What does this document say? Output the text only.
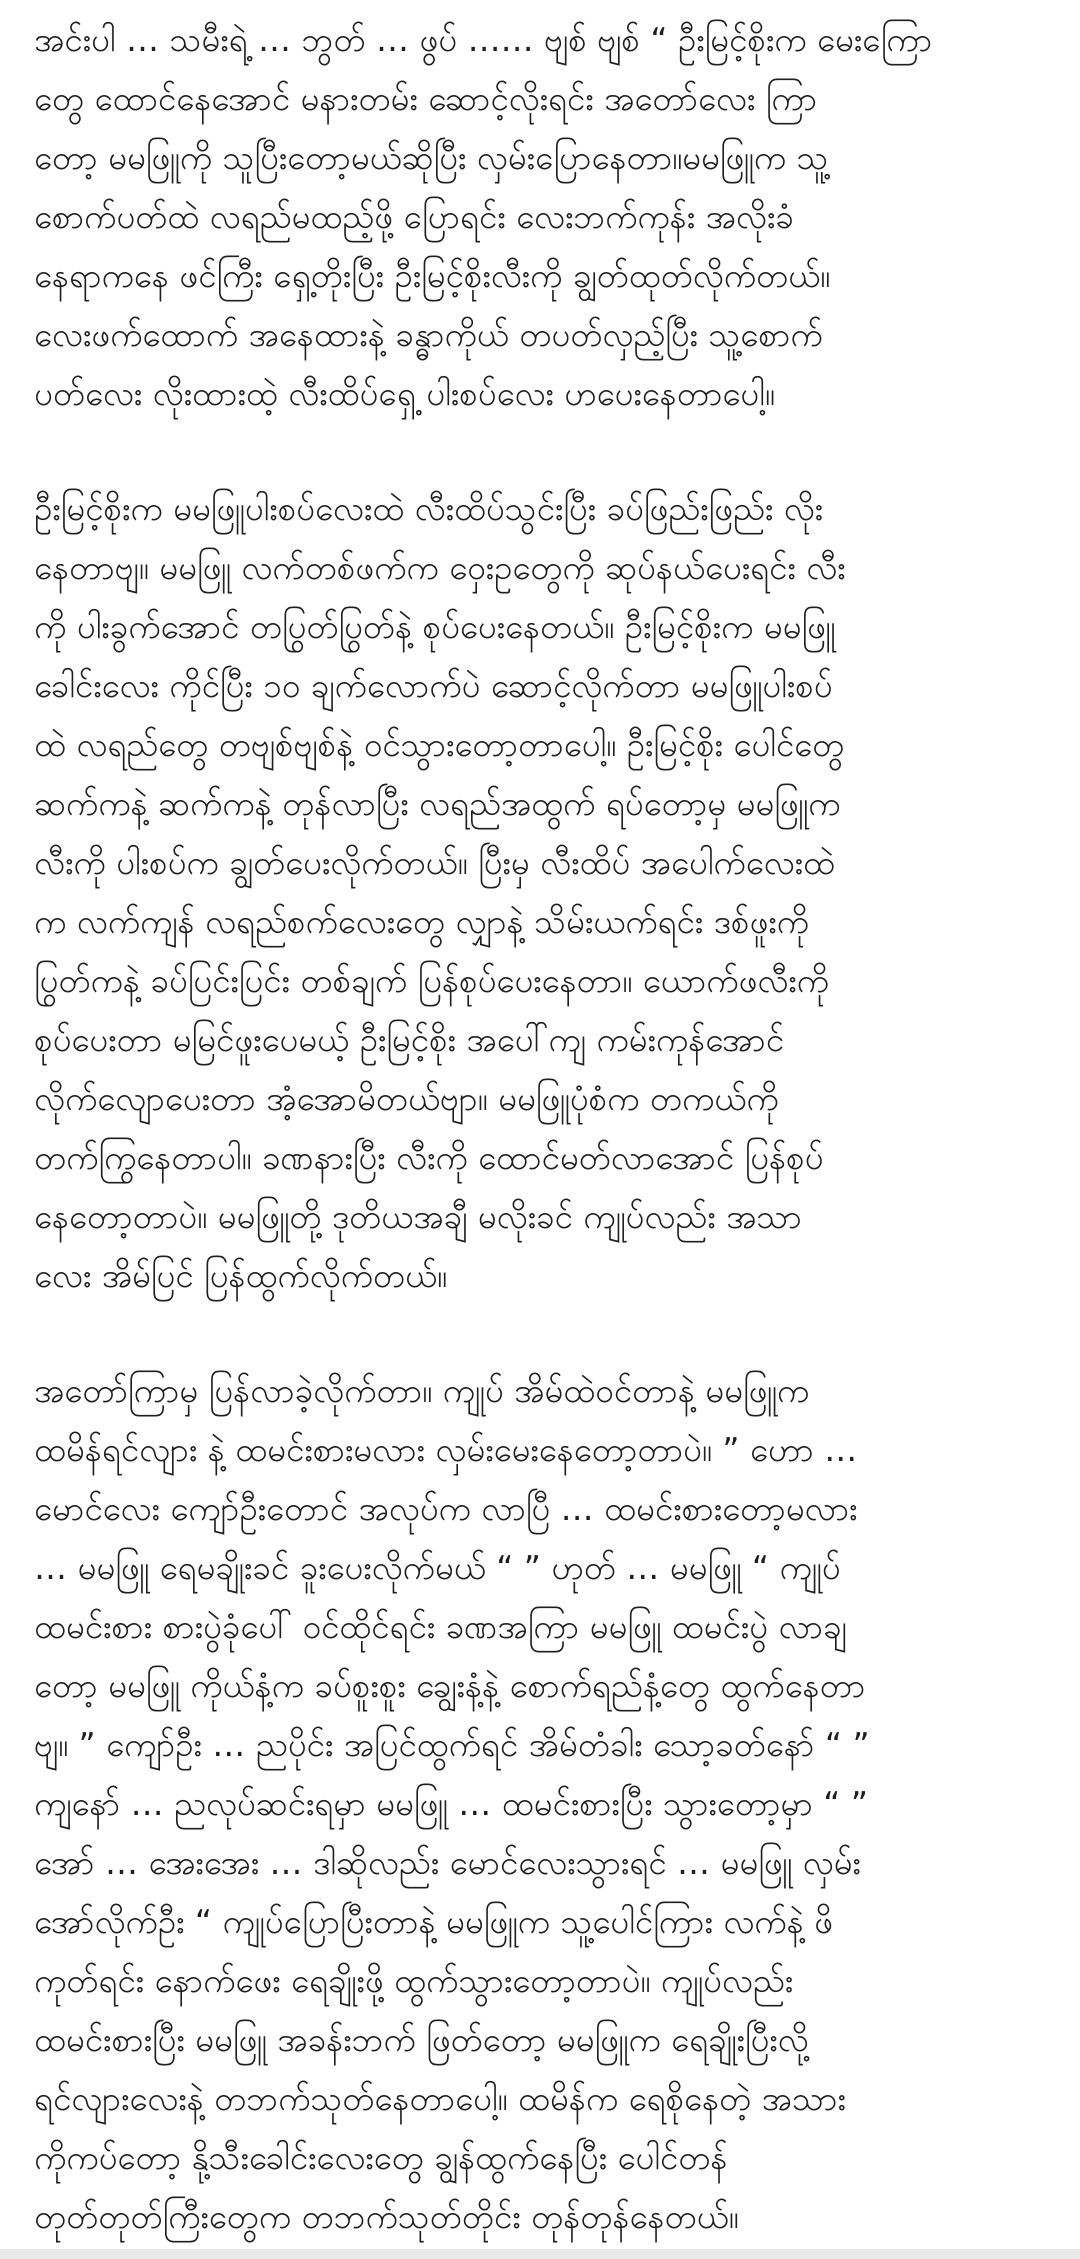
အင်းပါ … သမီးရဲ့ … ဘွတ် … ဖွပ် …… ဗျစ် ဗျစ် “ ဦးမြင့်စိုးက မေးကြော
တွေ ထောင်နေအောင် မနားတမ်း ဆောင့်လိုးရင်း အတော်လေး ကြာ
တော့ မမဖြူကို သူပြီးတော့မယ်ဆိုပြီး လှမ်းပြောနေတာ။မမဖြူက သူ့
စောက်ပတ်ထဲ လရည်မထည့်ဖို့ ပြောရင်း လေးဘက်ကုန်း အလိုးခံ
နေရာကနေ ဖင်ကြီး ရှေ့တိုးပြီး ဦးမြင့်စိုးလီးကို ချွတ်ထုတ်လိုက်တယ်။
လေးဖက်ထောက် အနေထားနဲ့ ခန္ဓာကိုယ် တပတ်လှည့်ပြီး သူ့စောက်
ပတ်လေး လိုးထားထဲ့ လီးထိပ်ရှေ့ ပါးစပ်လေး ဟပေးနေတာပေါ့။
ဦးမြင့်စိုးက မမဖြူပါးစပ်လေးထဲ လီးထိပ်သွင်းပြီး ခပ်ဖြည်းဖြည်း လိုး
နေတာဗျ။ မမဖြူ လက်တစ်ဖက်က ဝှေးဥတွေကို ဆုပ်နယ်ပေးရင်း လီး
ကို ပါးခွက်အောင် တပြွတ်ပြွတ်နဲ့ စုပ်ပေးနေတယ်။ ဦးမြင့်စိုးက မမဖြူ
ခေါင်းလေး ကိုင်ပြီး ၁၀ ချက်လောက်ပဲ ဆောင့်လိုက်တာ မမဖြူပါးစပ်
ထဲ လရည်တွေ တဗျစ်ဗျစ်နဲ့ ဝင်သွားတော့တာပေါ့။ ဦးမြင့်စိုး ပေါင်တွေ
ဆက်ကနဲ့ ဆက်ကနဲ့ တုန်လာပြီး လရည်အထွက် ရပ်တော့မှ မမဖြူက
လီးကို ပါးစပ်က ချွတ်ပေးလိုက်တယ်။ ပြီးမှ လီးထိပ် အပေါက်လေးထဲ
က လက်ကျန် လရည်စက်လေးတွေ လျှာနဲ့ သိမ်းယက်ရင်း ဒစ်ဖူးကို
ပြွတ်ကနဲ့ ခပ်ပြင်းပြင်း တစ်ချက် ပြန်စုပ်ပေးနေတာ။ ယောက်ဖလီးကို
စုပ်ပေးတာ မမြင်ဖူးပေမယ့် ဦးမြင့်စိုး အပေါ်ကျ ကမ်းကုန်အောင်
လိုက်လျောပေးတာ အံ့အောမိတယ်ဗျာ။ မမဖြူပုံစံက တကယ်ကို
တက်ကြွနေတာပါ။ ခဏနားပြီး လီးကို ထောင်မတ်လာအောင် ပြန်စုပ်
နေတော့တာပဲ။ မမဖြူတို့ ဒုတိယအချီ မလိုးခင် ကျုပ်လည်း အသာ
လေး အိမ်ပြင် ပြန်ထွက်လိုက်တယ်။
အတော်ကြာမှ ပြန်လာခဲ့လိုက်တာ။ ကျုပ် အိမ်ထဲဝင်တာနဲ့ မမဖြူက
ထမိန်ရင်လျား နဲ့ ထမင်းစားမလား လှမ်းမေးနေတော့တာပဲ။ ” ဟော …
မောင်လေး ကျော်ဦးတောင် အလုပ်က လာပြီ … ထမင်းစားတော့မလား
… မမဖြူ ရေမချိုးခင် ခူးပေးလိုက်မယ် “ ” ဟုတ် … မမဖြူ “ ကျုပ်
ထမင်းစား စားပွဲခုံပေါ် ဝင်ထိုင်ရင်း ခဏအကြာ မမဖြူ ထမင်းပွဲ လာချ
တော့ မမဖြူ ကိုယ်နံ့က ခပ်စူးစူး ချွေးနံ့နဲ့ စောက်ရည်နံ့တွေ ထွက်နေတာ
ဗျ။ ” ကျော်ဦး … ညပိုင်း အပြင်ထွက်ရင် အိမ်တံခါး သော့ခတ်နော် “ ”
ကျနော် … ညလုပ်ဆင်းရမှာ မမဖြူ … ထမင်းစားပြီး သွားတော့မှာ “ ”
အော် … အေးအေး … ဒါဆိုလည်း မောင်လေးသွားရင် … မမဖြူ လှမ်း
အော်လိုက်ဦး “ ကျုပ်ပြောပြီးတာနဲ့ မမဖြူက သူ့ပေါင်ကြား လက်နဲ့ ဖိ
ကုတ်ရင်း နောက်ဖေး ရေချိုးဖို့ ထွက်သွားတော့တာပဲ။ ကျုပ်လည်း
ထမင်းစားပြီး မမဖြူ အခန်းဘက် ဖြတ်တော့ မမဖြူက ရေချိုးပြီးလို့
ရင်လျားလေးနဲ့ တဘက်သုတ်နေတာပေါ့။ ထမိန်က ရေစိုနေတဲ့ အသား
ကိုကပ်တော့ နို့သီးခေါင်းလေးတွေ ချွန်ထွက်နေပြီး ပေါင်တန်
တုတ်တုတ်ကြီးတွေက တဘက်သုတ်တိုင်း တုန်တုန်နေတယ်။
